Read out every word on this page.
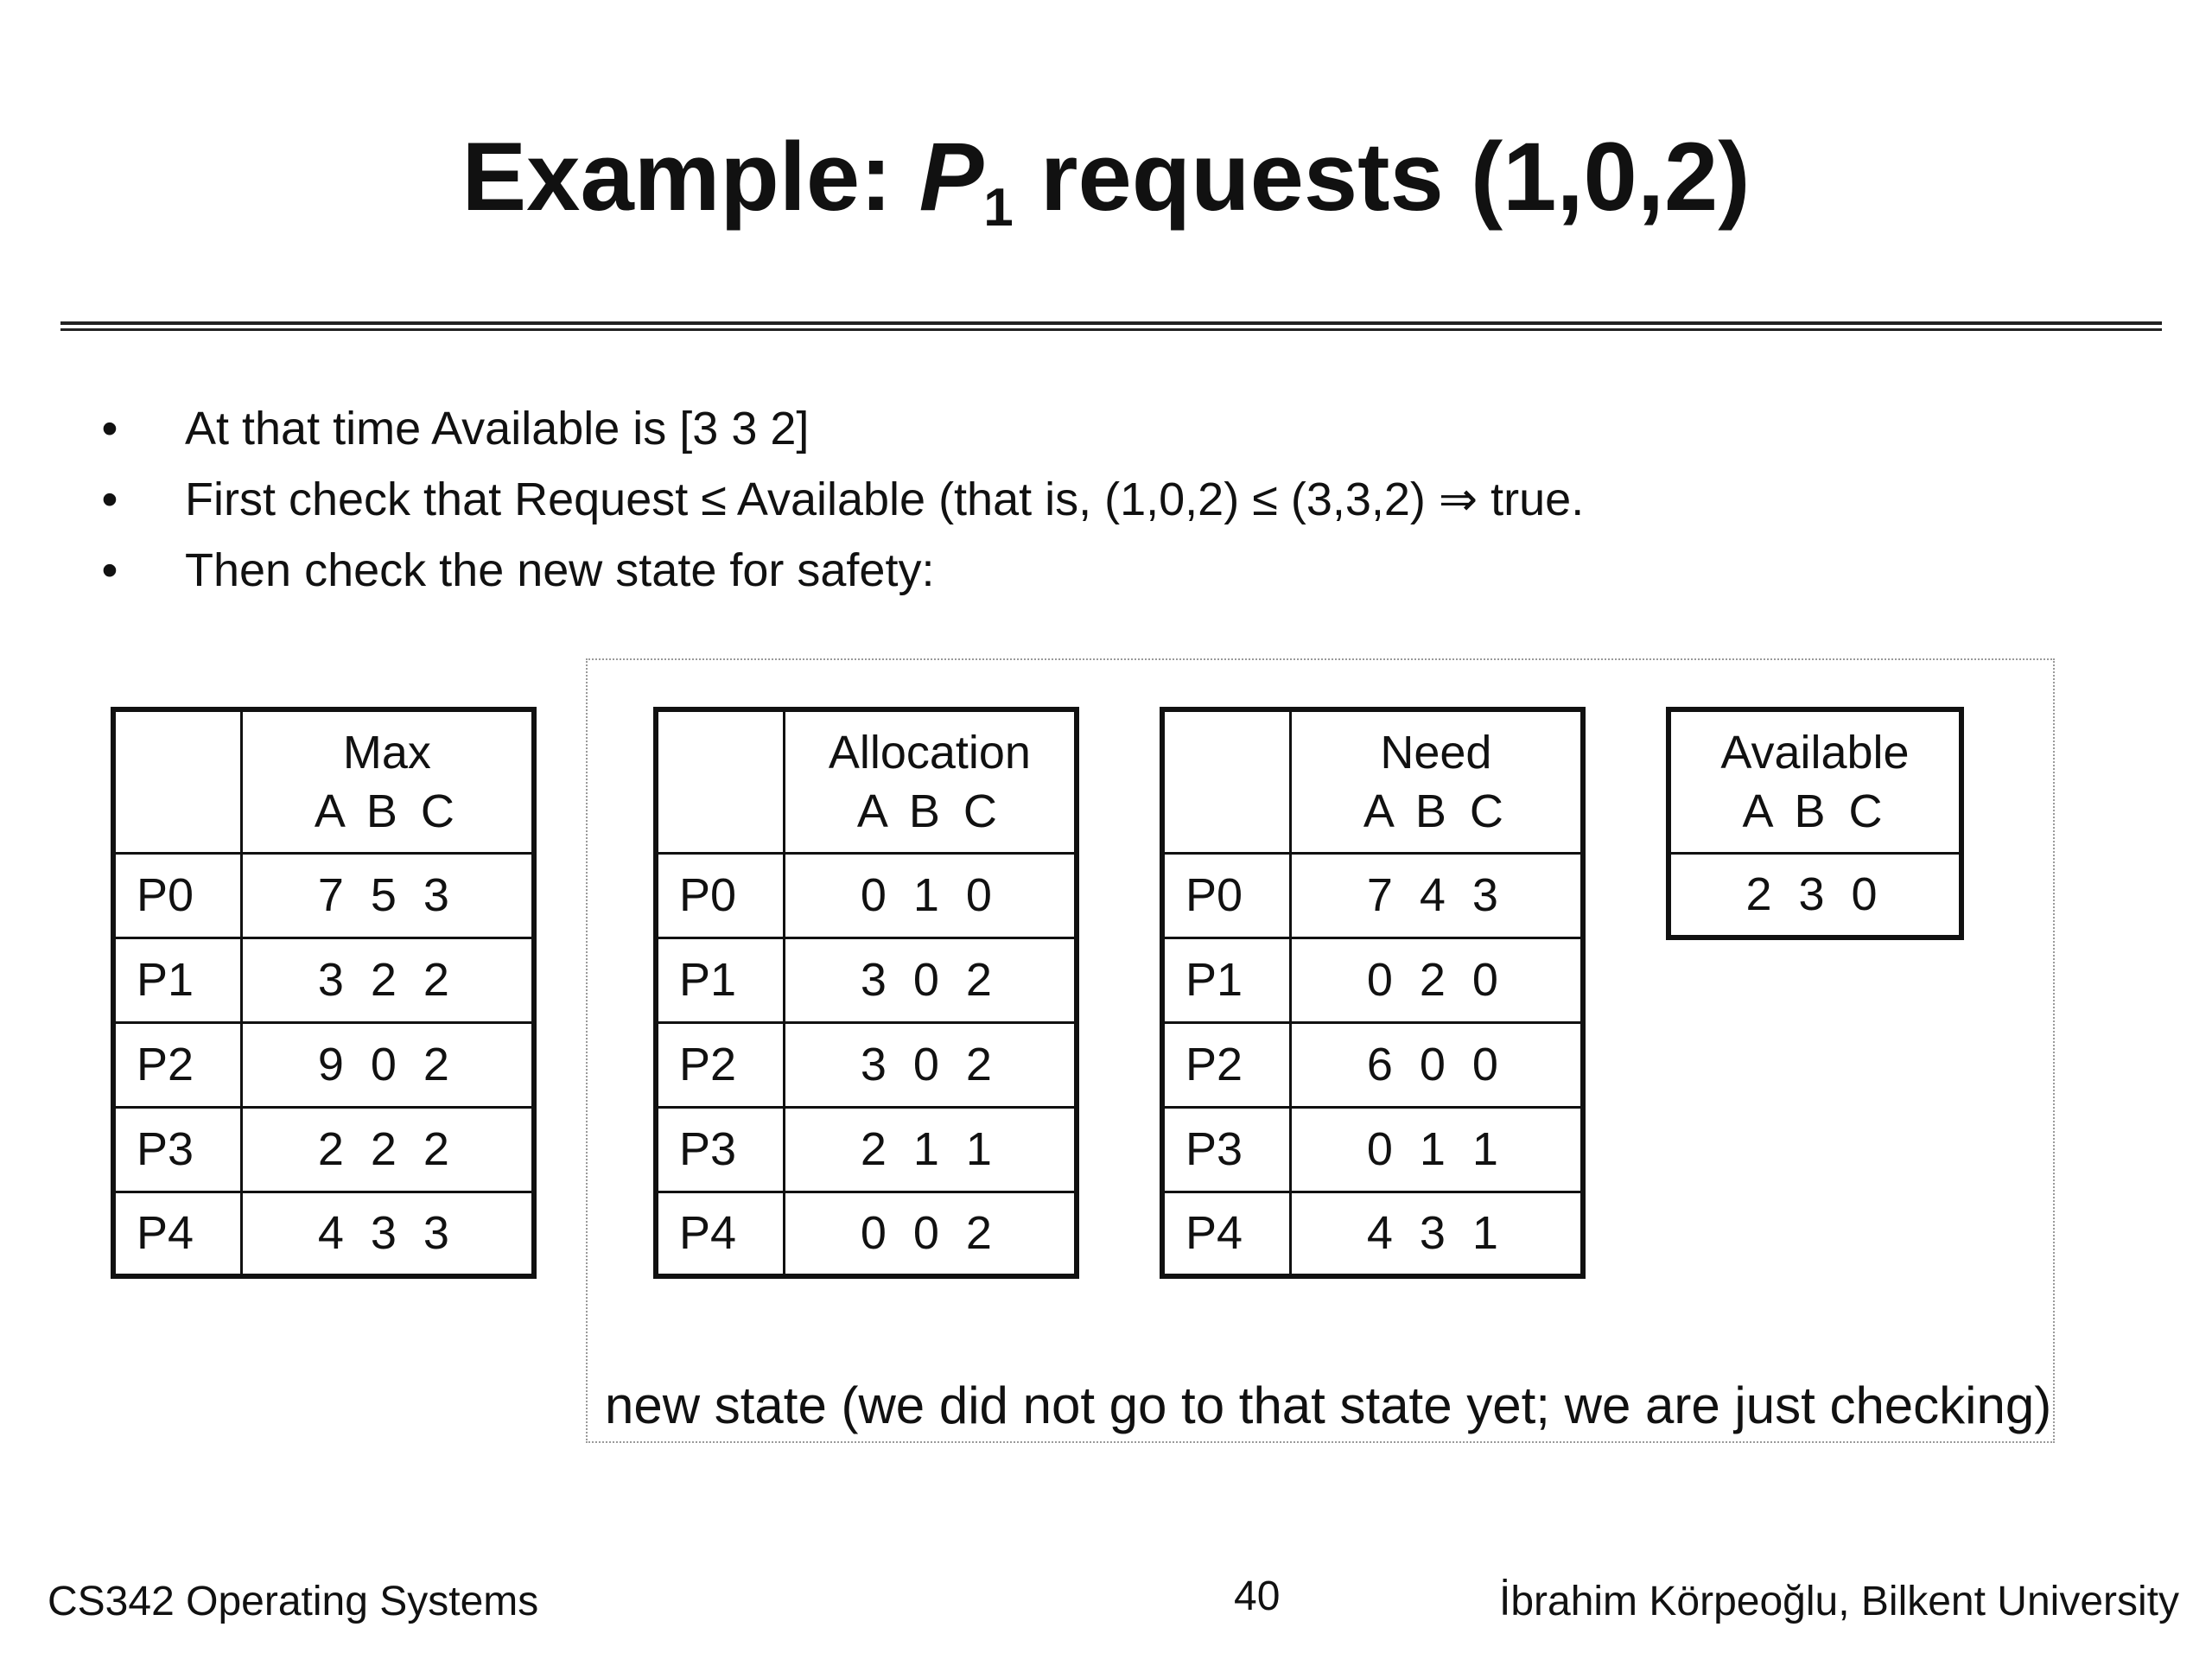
Example: $P_1$ requests (1,0,2)
• At that time Available is [3 3 2]
• First check that Request ≤ Available (that is, (1,0,2) ≤ (3,3,2) ⇒ true.
• Then check the new state for safety:

	Max
A B C

P0	7 5 3
P1	3 2 2
P2	9 0 2
P3	2 2 2
P4	4 3 3

	Allocation
A B C

P0	0 1 0
P1	3 0 2
P2	3 0 2
P3	2 1 1
P4	0 0 2

	Need
A B C

P0	7 4 3
P1	0 2 0
P2	6 0 0
P3	0 1 1
P4	4 3 1
Available
A B C

2 3 0
new state (we did not go to that state yet; we are just checking)
CS342 Operating Systems	40	İbrahim Körpeoğlu, Bilkent University
